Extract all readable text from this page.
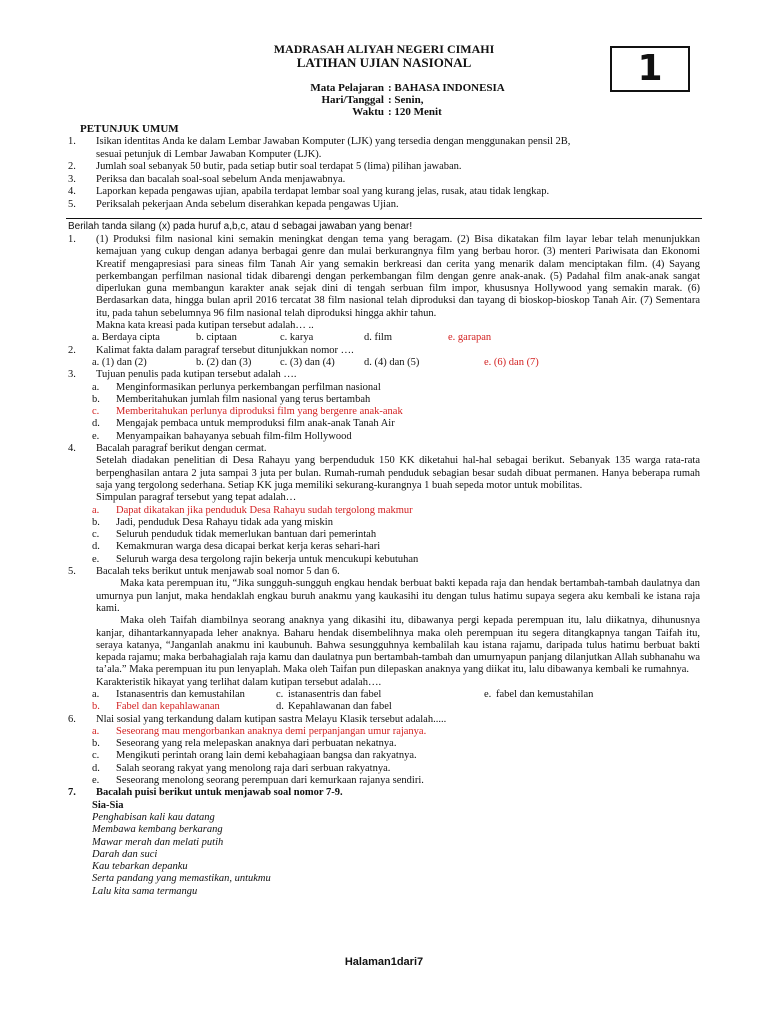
MADRASAH ALIYAH NEGERI CIMAHI
LATIHAN UJIAN NASIONAL	1
Mata Pelajaran : BAHASA INDONESIA
Hari/Tanggal : Senin,
Waktu : 120 Menit
PETUNJUK UMUM
1.	Isikan identitas Anda ke dalam Lembar Jawaban Komputer (LJK) yang tersedia dengan menggunakan pensil 2B,
sesuai petunjuk di Lembar Jawaban Komputer (LJK).
2.	Jumlah soal sebanyak 50 butir, pada setiap butir soal terdapat 5 (lima) pilihan jawaban.
3.	Periksa dan bacalah soal-soal sebelum Anda menjawabnya.
4.	Laporkan kepada pengawas ujian, apabila terdapat lembar soal yang kurang jelas, rusak, atau tidak lengkap.
5.	Periksalah pekerjaan Anda sebelum diserahkan kepada pengawas Ujian.
Berilah tanda silang (x) pada huruf a,b,c, atau d sebagai jawaban yang benar!
1.	(1) Produksi film nasional kini semakin meningkat dengan tema yang beragam. (2) Bisa dikatakan film layar lebar telah menunjukkan kemajuan yang cukup dengan adanya berbagai genre dan mulai berkurangnya film yang berbau horor. (3) menteri Pariwisata dan Ekonomi Kreatif mengapresiasi para sineas film Tanah Air yang semakin berkreasi dan cerita yang menarik dalam menciptakan film. (4) Sayang perkembangan perfilman nasional tidak dibarengi dengan perkembangan film dengan genre anak-anak. (5) Padahal film anak-anak sangat diperlukan guna membangun karakter anak sejak dini di tengah serbuan film impor, khususnya Hollywood yang semakin marak. (6) Berdasarkan data, hingga bulan april 2016 tercatat 38 film nasional telah diproduksi dan tayang di bioskop-bioskop Tanah Air. (7) Sementara itu, pada tahun sebelumnya 96 film nasional telah diproduksi hingga akhir tahun.
Makna kata kreasi pada kutipan tersebut adalah… ..
a. Berdaya cipta	b. ciptaan	c. karya	d. film	e. garapan
2.	Kalimat fakta dalam paragraf tersebut ditunjukkan nomor ….
a. (1) dan (2)	b. (2) dan (3)	c. (3) dan (4)	d. (4) dan (5)	e. (6) dan (7)
3.	Tujuan penulis pada kutipan tersebut adalah ….
a.	Menginformasikan perlunya perkembangan perfilman nasional
b.	Memberitahukan jumlah film nasional yang terus bertambah
c.	Memberitahukan perlunya diproduksi film yang bergenre anak-anak
d.	Mengajak pembaca untuk memproduksi film anak-anak Tanah Air
e.	Menyampaikan bahayanya sebuah film-film Hollywood
4.	Bacalah paragraf berikut dengan cermat.
Setelah diadakan penelitian di Desa Rahayu yang berpenduduk 150 KK diketahui hal-hal sebagai berikut. Sebanyak 135 warga rata-rata berpenghasilan antara 2 juta sampai 3 juta per bulan. Rumah-rumah penduduk sebagian besar sudah dibuat permanen. Hanya beberapa rumah saja yang tergolong sederhana. Setiap KK juga memiliki sekurang-kurangnya 1 buah sepeda motor untuk mobilitas.
Simpulan paragraf tersebut yang tepat adalah…
a.	Dapat dikatakan jika penduduk Desa Rahayu sudah tergolong makmur
b.	Jadi, penduduk Desa Rahayu tidak ada yang miskin
c.	Seluruh penduduk tidak memerlukan bantuan dari pemerintah
d.	Kemakmuran warga desa dicapai berkat kerja keras sehari-hari
e.	Seluruh warga desa tergolong rajin bekerja untuk mencukupi kebutuhan
5.	Bacalah teks berikut untuk menjawab soal nomor 5 dan 6.
Maka kata perempuan itu, “Jika sungguh-sungguh engkau hendak berbuat bakti kepada raja dan hendak bertambah-tambah daulatnya dan umurnya pun lanjut, maka hendaklah engkau buruh anakmu yang kaukasihi itu dengan tulus hatimu supaya segera aku kembali ke istana raja kami.
Maka oleh Taifah diambilnya seorang anaknya yang dikasihi itu, dibawanya pergi kepada perempuan itu, lalu diikatnya, dihunusnya kanjar, dihantarkannyapada leher anaknya. Baharu hendak disembelihnya maka oleh perempuan itu segera ditangkapnya tangan Taifah itu, seraya katanya, “Janganlah anakmu ini kaubunuh. Bahwa sesungguhnya kembalilah kau istana rajamu, daripada tulus hatimu berbuat bakti kepada rajamu; maka berbahagialah raja kamu dan daulatnya pun bertambah-tambah dan umurnyapun panjang dilanjutkan Allah subhanahu wa ta’ala.” Maka perempuan itu pun lenyaplah. Maka oleh Taifan pun dilepaskan anaknya yang diikat itu, lalu dibawanya kembali ke rumahnya.
Karakteristik hikayat yang terlihat dalam kutipan tersebut adalah….
a. Istanasentris dan kemustahilan	c. istanasentris dan fabel	e. fabel dan kemustahilan
b. Fabel dan kepahlawanan	d. Kepahlawanan dan fabel
6.	Nlai sosial yang terkandung dalam kutipan sastra Melayu Klasik tersebut adalah.....
a.	Seseorang mau mengorbankan anaknya demi perpanjangan umur rajanya.
b.	Seseorang yang rela melepaskan anaknya dari perbuatan nekatnya.
c.	Mengikuti perintah orang lain demi kebahagiaan bangsa dan rakyatnya.
d.	Salah seorang rakyat yang menolong raja dari serbuan rakyatnya.
e.	Seseorang menolong seorang perempuan dari kemurkaan rajanya sendiri.
7.	Bacalah puisi berikut untuk menjawab soal nomor 7-9.
Sia-Sia
Penghabisan kali kau datang
Membawa kembang berkarang
Mawar merah dan melati putih
Darah dan suci
Kau tebarkan depanku
Serta pandang yang memastikan, untukmu
Lalu kita sama termangu
Halaman1dari7
